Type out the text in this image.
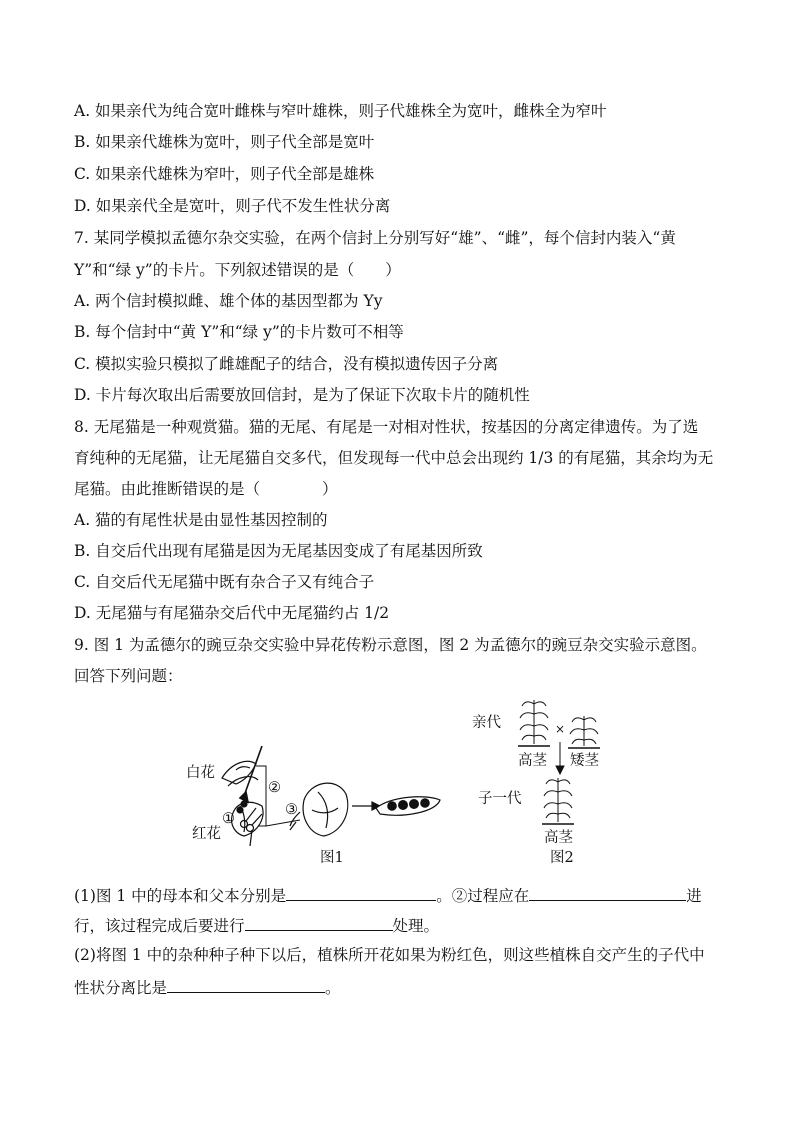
A. 如果亲代为纯合宽叶雌株与窄叶雄株，则子代雄株全为宽叶，雌株全为窄叶
B. 如果亲代雄株为宽叶，则子代全部是宽叶
C. 如果亲代雄株为窄叶，则子代全部是雄株
D. 如果亲代全是宽叶，则子代不发生性状分离
7. 某同学模拟孟德尔杂交实验，在两个信封上分别写好“雄”、“雌”，每个信封内装入“黄
Y”和“绿 y”的卡片。下列叙述错误的是（　　）
A. 两个信封模拟雌、雄个体的基因型都为 Yy
B. 每个信封中“黄 Y”和“绿 y”的卡片数可不相等
C. 模拟实验只模拟了雌雄配子的结合，没有模拟遗传因子分离
D. 卡片每次取出后需要放回信封，是为了保证下次取卡片的随机性
8. 无尾猫是一种观赏猫。猫的无尾、有尾是一对相对性状，按基因的分离定律遗传。为了选
育纯种的无尾猫，让无尾猫自交多代，但发现每一代中总会出现约 1/3 的有尾猫，其余均为无
尾猫。由此推断错误的是（　　　　）
A. 猫的有尾性状是由显性基因控制的
B. 自交后代出现有尾猫是因为无尾基因变成了有尾基因所致
C. 自交后代无尾猫中既有杂合子又有纯合子
D. 无尾猫与有尾猫杂交后代中无尾猫约占 1/2
9. 图 1 为孟德尔的豌豆杂交实验中异花传粉示意图，图 2 为孟德尔的豌豆杂交实验示意图。
回答下列问题：
白花
红花
①
②
③
图1
亲代	×
高茎 矮茎
子一代
高茎
图2
(1)图 1 中的母本和父本分别是	。②过程应在	进
行，该过程完成后要进行	处理。
(2)将图 1 中的杂种种子种下以后，植株所开花如果为粉红色，则这些植株自交产生的子代中
性状分离比是	。
